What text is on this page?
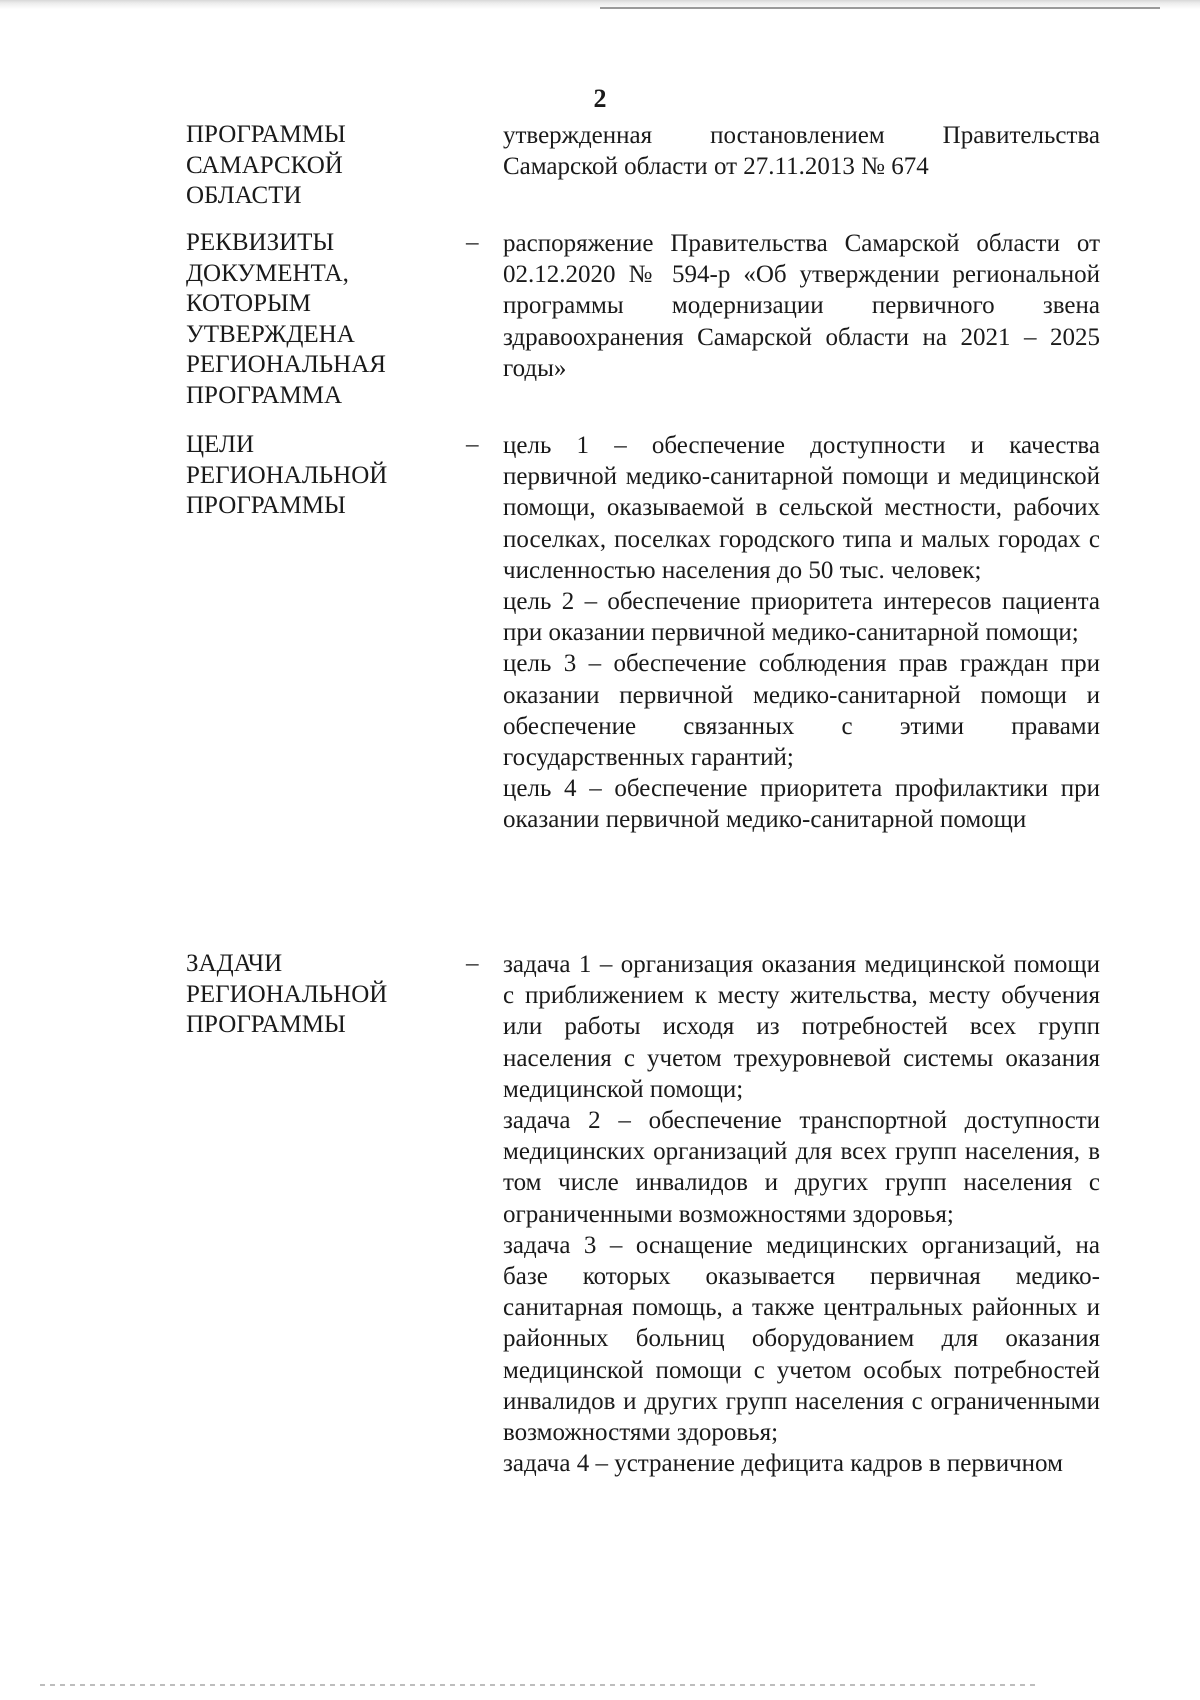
2
ПРОГРАММЫ
САМАРСКОЙ
ОБЛАСТИ

утвержденная постановлением Правительства Самарской области от 27.11.2013 № 674

РЕКВИЗИТЫ
ДОКУМЕНТА,
КОТОРЫМ
УТВЕРЖДЕНА
РЕГИОНАЛЬНАЯ
ПРОГРАММА
– распоряжение Правительства Самарской области от 02.12.2020 № 594-р «Об утверждении региональной программы модернизации первичного звена здравоохранения Самарской области на 2021 – 2025 годы»

ЦЕЛИ
РЕГИОНАЛЬНОЙ
ПРОГРАММЫ
– цель 1 – обеспечение доступности и качества первичной медико-санитарной помощи и медицинской помощи, оказываемой в сельской местности, рабочих поселках, поселках городского типа и малых городах с численностью населения до 50 тыс. человек;

цель 2 – обеспечение приоритета интересов пациента при оказании первичной медико-санитарной помощи;

цель 3 – обеспечение соблюдения прав граждан при оказании первичной медико-санитарной помощи и обеспечение связанных с этими правами государственных гарантий;

цель 4 – обеспечение приоритета профилактики при оказании первичной медико-санитарной помощи

ЗАДАЧИ
РЕГИОНАЛЬНОЙ
ПРОГРАММЫ
– задача 1 – организация оказания медицинской помощи с приближением к месту жительства, месту обучения или работы исходя из потребностей всех групп населения с учетом трехуровневой системы оказания медицинской помощи;

задача 2 – обеспечение транспортной доступности медицинских организаций для всех групп населения, в том числе инвалидов и других групп населения с ограниченными возможностями здоровья;

задача 3 – оснащение медицинских организаций, на базе которых оказывается первичная медико-санитарная помощь, а также центральных районных и районных больниц оборудованием для оказания медицинской помощи с учетом особых потребностей инвалидов и других групп населения с ограниченными возможностями здоровья;

задача 4 – устранение дефицита кадров в первичном
